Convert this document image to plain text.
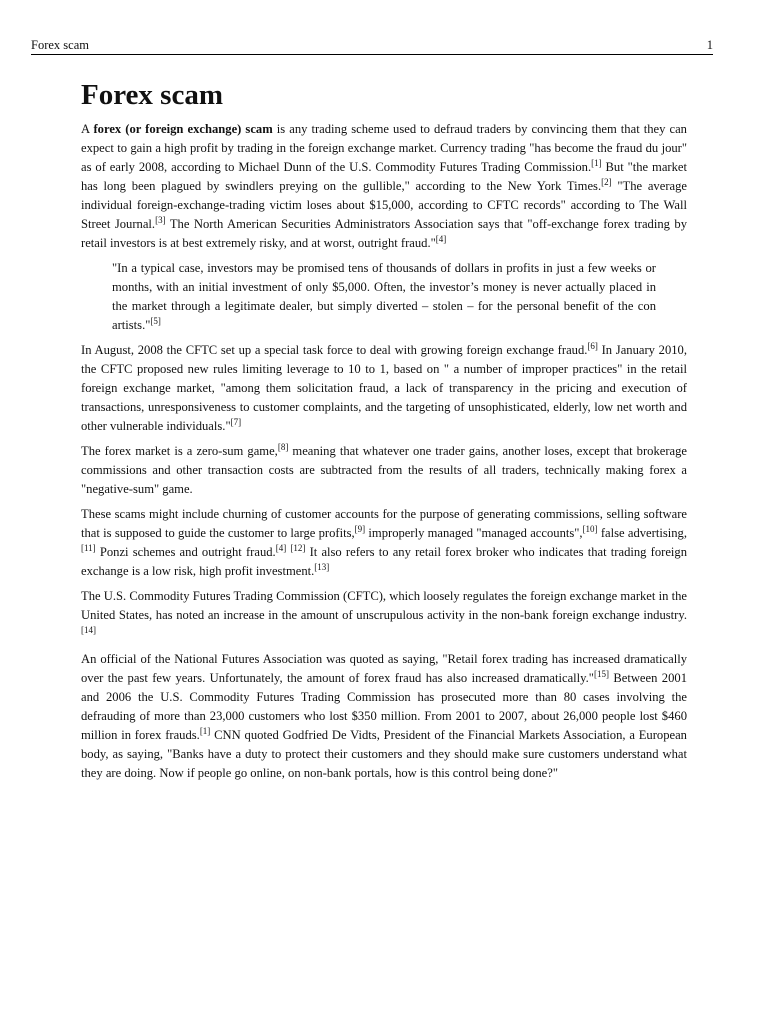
Forex scam	1
Forex scam

A forex (or foreign exchange) scam is any trading scheme used to defraud traders by convincing them that they can expect to gain a high profit by trading in the foreign exchange market. Currency trading "has become the fraud du jour" as of early 2008, according to Michael Dunn of the U.S. Commodity Futures Trading Commission.[1] But "the market has long been plagued by swindlers preying on the gullible," according to the New York Times.[2] "The average individual foreign-exchange-trading victim loses about $15,000, according to CFTC records" according to The Wall Street Journal.[3] The North American Securities Administrators Association says that "off-exchange forex trading by retail investors is at best extremely risky, and at worst, outright fraud."[4]

"In a typical case, investors may be promised tens of thousands of dollars in profits in just a few weeks or months, with an initial investment of only $5,000. Often, the investor’s money is never actually placed in the market through a legitimate dealer, but simply diverted – stolen – for the personal benefit of the con artists."[5]

In August, 2008 the CFTC set up a special task force to deal with growing foreign exchange fraud.[6] In January 2010, the CFTC proposed new rules limiting leverage to 10 to 1, based on " a number of improper practices" in the retail foreign exchange market, "among them solicitation fraud, a lack of transparency in the pricing and execution of transactions, unresponsiveness to customer complaints, and the targeting of unsophisticated, elderly, low net worth and other vulnerable individuals."[7]

The forex market is a zero-sum game,[8] meaning that whatever one trader gains, another loses, except that brokerage commissions and other transaction costs are subtracted from the results of all traders, technically making forex a "negative-sum" game.

These scams might include churning of customer accounts for the purpose of generating commissions, selling software that is supposed to guide the customer to large profits,[9] improperly managed "managed accounts",[10] false advertising,[11] Ponzi schemes and outright fraud.[4] [12] It also refers to any retail forex broker who indicates that trading foreign exchange is a low risk, high profit investment.[13]

The U.S. Commodity Futures Trading Commission (CFTC), which loosely regulates the foreign exchange market in the United States, has noted an increase in the amount of unscrupulous activity in the non-bank foreign exchange industry.[14]

An official of the National Futures Association was quoted as saying, "Retail forex trading has increased dramatically over the past few years. Unfortunately, the amount of forex fraud has also increased dramatically."[15] Between 2001 and 2006 the U.S. Commodity Futures Trading Commission has prosecuted more than 80 cases involving the defrauding of more than 23,000 customers who lost $350 million. From 2001 to 2007, about 26,000 people lost $460 million in forex frauds.[1] CNN quoted Godfried De Vidts, President of the Financial Markets Association, a European body, as saying, "Banks have a duty to protect their customers and they should make sure customers understand what they are doing. Now if people go online, on non-bank portals, how is this control being done?"
